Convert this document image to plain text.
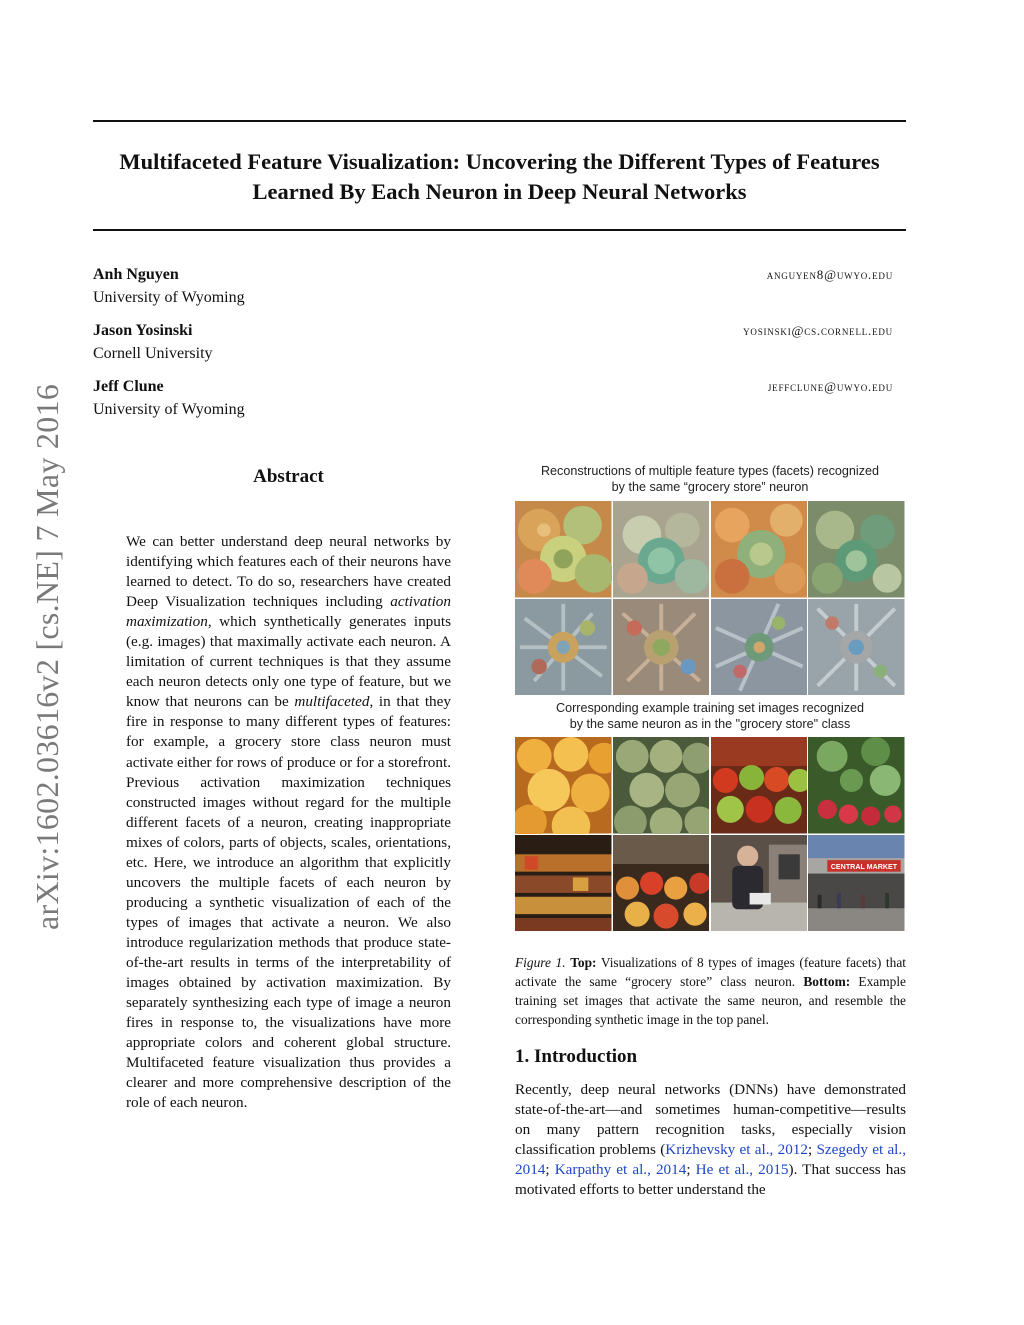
arXiv:1602.03616v2 [cs.NE] 7 May 2016
Multifaceted Feature Visualization: Uncovering the Different Types of Features
Learned By Each Neuron in Deep Neural Networks
Anh Nguyen
University of Wyoming
anguyen8@uwyo.edu
Jason Yosinski
Cornell University
yosinski@cs.cornell.edu
Jeff Clune
University of Wyoming
jeffclune@uwyo.edu
Abstract
We can better understand deep neural networks by identifying which features each of their neurons have learned to detect. To do so, researchers have created Deep Visualization techniques including activation maximization, which synthetically generates inputs (e.g. images) that maximally activate each neuron. A limitation of current techniques is that they assume each neuron detects only one type of feature, but we know that neurons can be multifaceted, in that they fire in response to many different types of features: for example, a grocery store class neuron must activate either for rows of produce or for a storefront. Previous activation maximization techniques constructed images without regard for the multiple different facets of a neuron, creating inappropriate mixes of colors, parts of objects, scales, orientations, etc. Here, we introduce an algorithm that explicitly uncovers the multiple facets of each neuron by producing a synthetic visualization of each of the types of images that activate a neuron. We also introduce regularization methods that produce state-of-the-art results in terms of the interpretability of images obtained by activation maximization. By separately synthesizing each type of image a neuron fires in response to, the visualizations have more appropriate colors and coherent global structure. Multifaceted feature visualization thus provides a clearer and more comprehensive description of the role of each neuron.
Reconstructions of multiple feature types (facets) recognized
by the same “grocery store” neuron
Corresponding example training set images recognized
by the same neuron as in the "grocery store" class
CENTRAL MARKET
Figure 1. Top: Visualizations of 8 types of images (feature facets) that activate the same “grocery store” class neuron. Bottom: Example training set images that activate the same neuron, and resemble the corresponding synthetic image in the top panel.
1. Introduction
Recently, deep neural networks (DNNs) have demonstrated state-of-the-art—and sometimes human-competitive—results on many pattern recognition tasks, especially vision classification problems (Krizhevsky et al., 2012; Szegedy et al., 2014; Karpathy et al., 2014; He et al., 2015). That success has motivated efforts to better understand the
